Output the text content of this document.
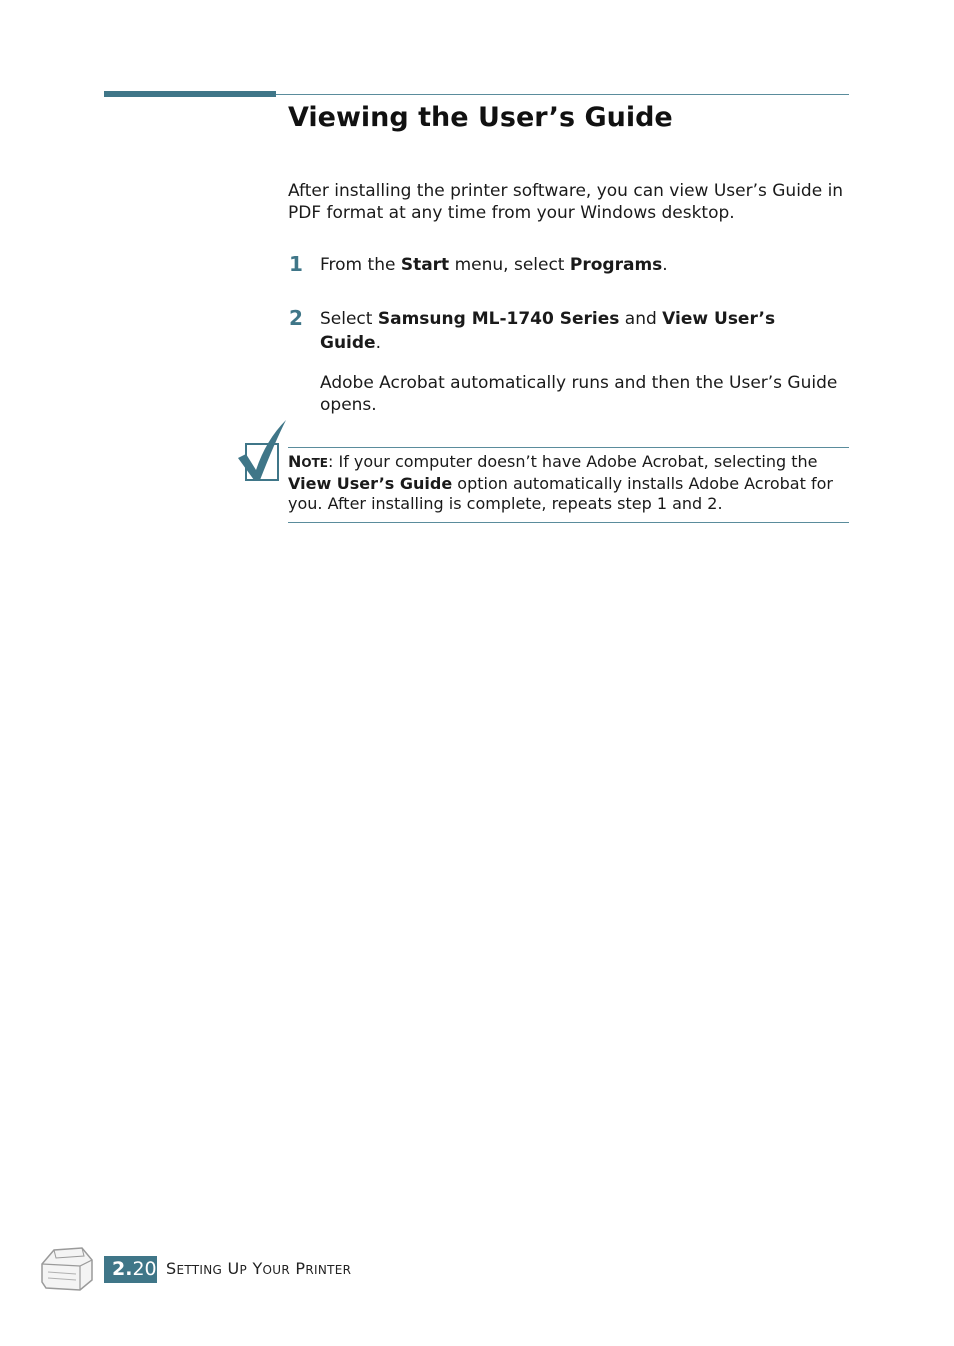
Viewing the User’s Guide
After installing the printer software, you can view User’s Guide in PDF format at any time from your Windows desktop.
1 From the Start menu, select Programs.
2 Select Samsung ML-1740 Series and View User’s Guide.
Adobe Acrobat automatically runs and then the User’s Guide opens.
NOTE: If your computer doesn’t have Adobe Acrobat, selecting the View User’s Guide option automatically installs Adobe Acrobat for you. After installing is complete, repeats step 1 and 2.
2.20 SETTING UP YOUR PRINTER
